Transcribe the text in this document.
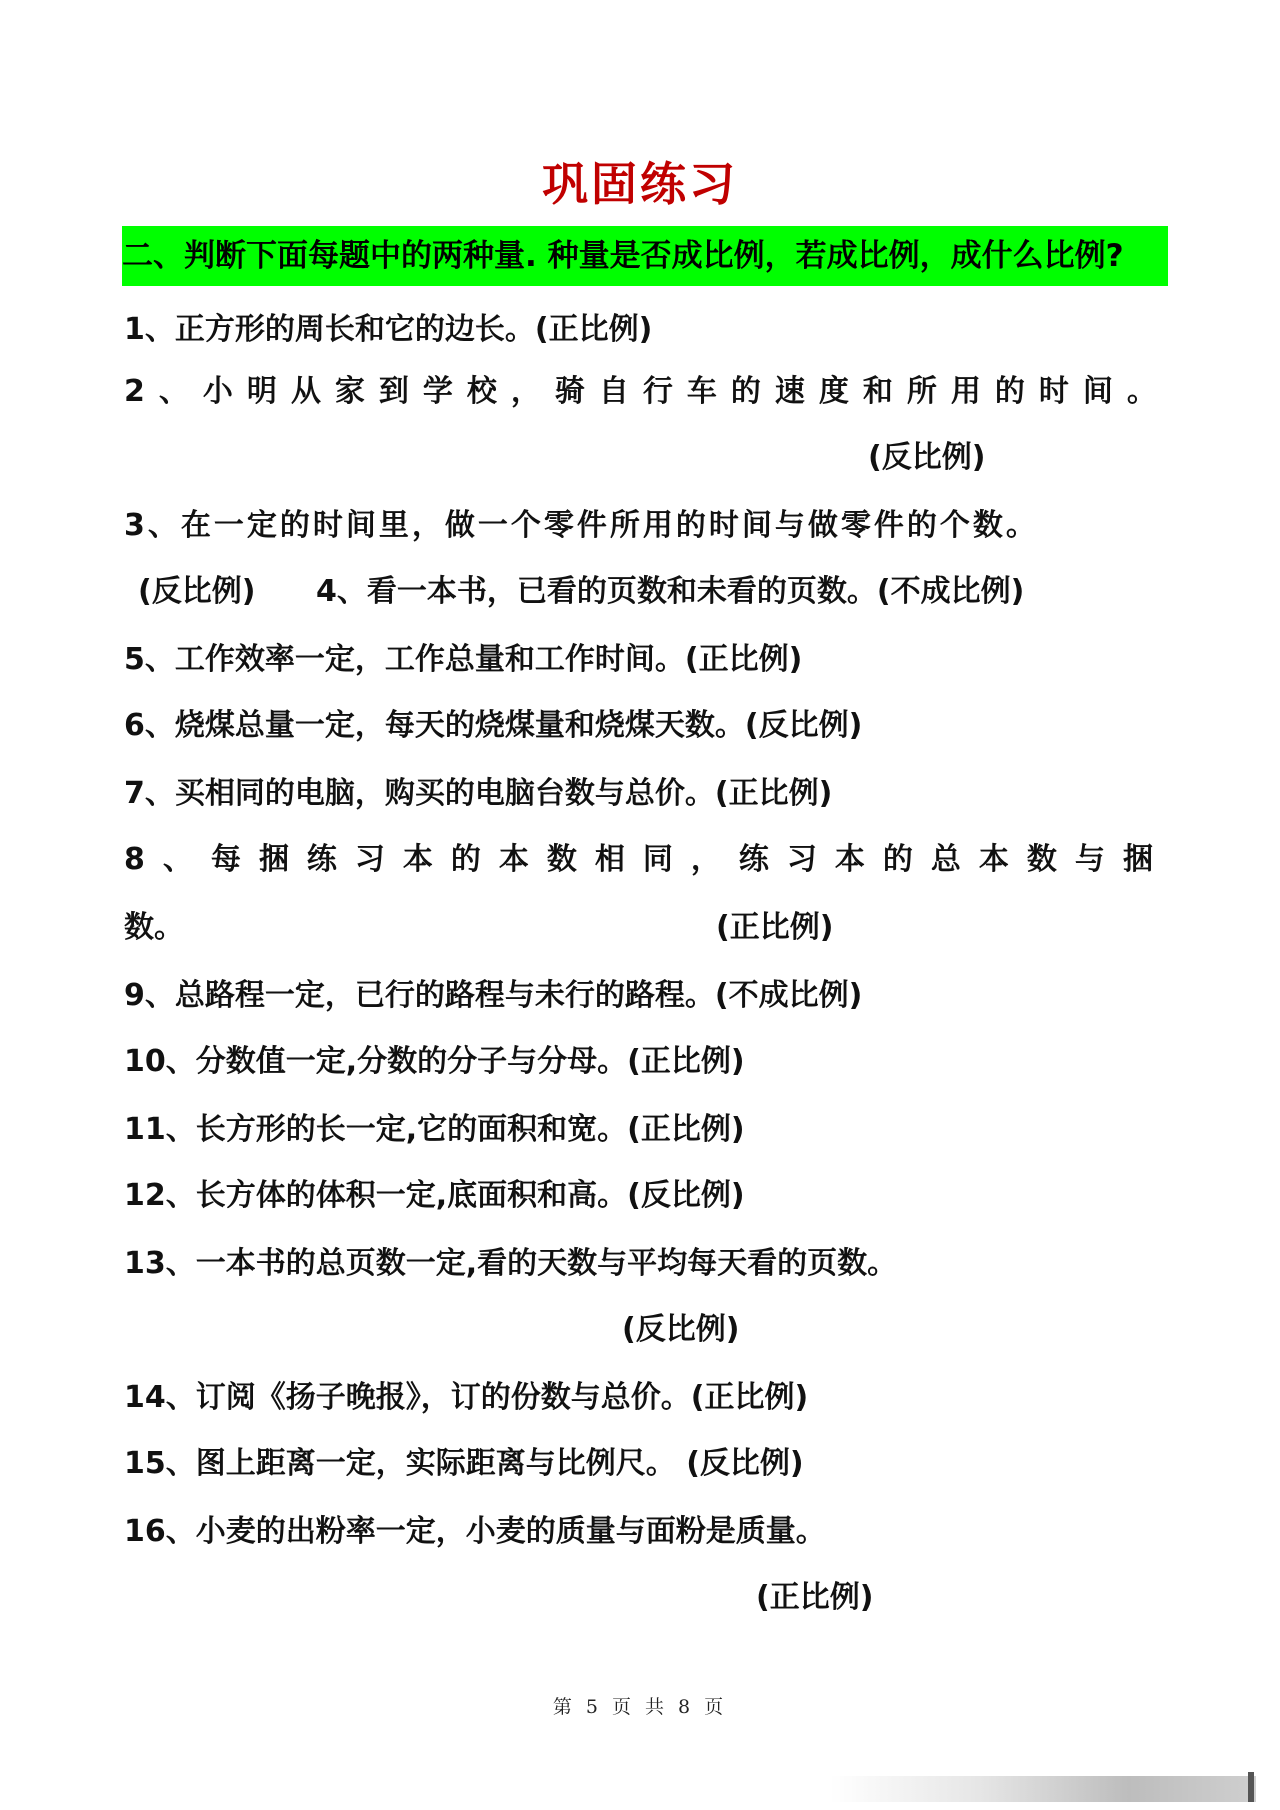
巩固练习
二、判断下面每题中的两种量. 种量是否成比例，若成比例，成什么比例?
1、正方形的周长和它的边长。(正比例)
2、小明从家到学校，骑自行车的速度和所用的时间。
(反比例)
3、在一定的时间里，做一个零件所用的时间与做零件的个数。
(反比例) 4、看一本书，已看的页数和未看的页数。(不成比例)
5、工作效率一定，工作总量和工作时间。(正比例)
6、烧煤总量一定，每天的烧煤量和烧煤天数。(反比例)
7、买相同的电脑，购买的电脑台数与总价。(正比例)
8、每捆练习本的本数相同，练习本的总本数与捆
数。	(正比例)
9、总路程一定，已行的路程与未行的路程。(不成比例)
10、分数值一定,分数的分子与分母。(正比例)
11、长方形的长一定,它的面积和宽。(正比例)
12、长方体的体积一定,底面积和高。(反比例)
13、一本书的总页数一定,看的天数与平均每天看的页数。
(反比例)
14、订阅《扬子晚报》，订的份数与总价。(正比例)
15、图上距离一定，实际距离与比例尺。 (反比例)
16、小麦的出粉率一定，小麦的质量与面粉是质量。
(正比例)
第 5 页 共 8 页
